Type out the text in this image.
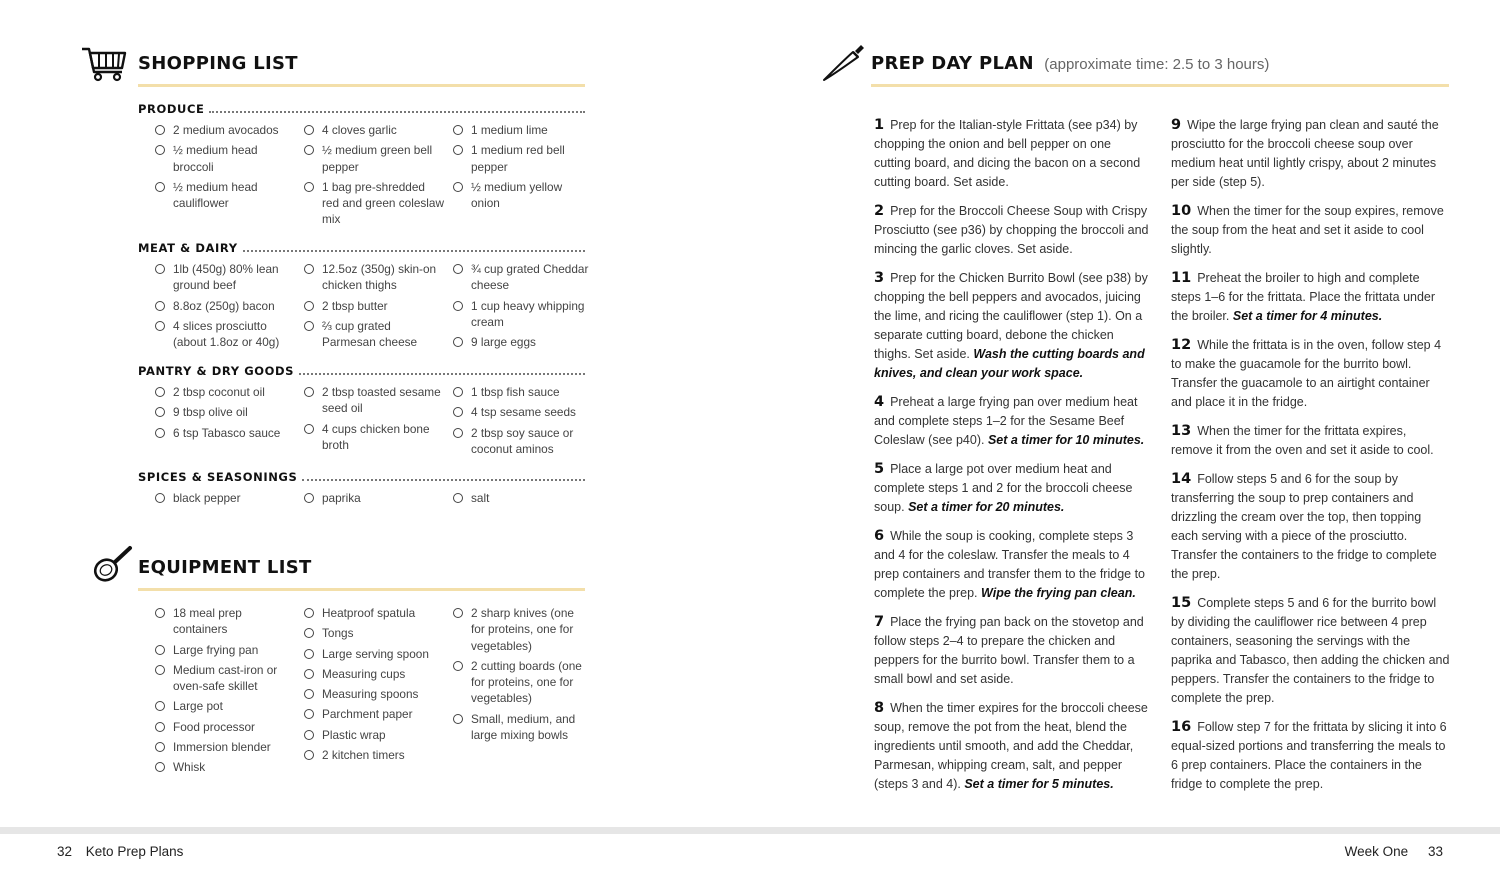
SHOPPING LIST
PRODUCE
2 medium avocados
½ medium head broccoli
½ medium head cauliflower
4 cloves garlic
½ medium green bell pepper
1 bag pre-shredded red and green coleslaw mix
1 medium lime
1 medium red bell pepper
½ medium yellow onion
MEAT & DAIRY
1lb (450g) 80% lean ground beef
8.8oz (250g) bacon
4 slices prosciutto (about 1.8oz or 40g)
12.5oz (350g) skin-on chicken thighs
2 tbsp butter
⅔ cup grated Parmesan cheese
¾ cup grated Cheddar cheese
1 cup heavy whipping cream
9 large eggs
PANTRY & DRY GOODS
2 tbsp coconut oil
9 tbsp olive oil
6 tsp Tabasco sauce
2 tbsp toasted sesame seed oil
4 cups chicken bone broth
1 tbsp fish sauce
4 tsp sesame seeds
2 tbsp soy sauce or coconut aminos
SPICES & SEASONINGS
black pepper	paprika	salt
EQUIPMENT LIST
18 meal prep containers
Large frying pan
Medium cast-iron or oven-safe skillet
Large pot
Food processor
Immersion blender
Whisk
Heatproof spatula
Tongs
Large serving spoon
Measuring cups
Measuring spoons
Parchment paper
Plastic wrap
2 kitchen timers
2 sharp knives (one for proteins, one for vegetables)
2 cutting boards (one for proteins, one for vegetables)
Small, medium, and large mixing bowls
PREP DAY PLAN (approximate time: 2.5 to 3 hours)

1 Prep for the Italian-style Frittata (see p34) by chopping the onion and bell pepper on one cutting board, and dicing the bacon on a second cutting board. Set aside.

2 Prep for the Broccoli Cheese Soup with Crispy Prosciutto (see p36) by chopping the broccoli and mincing the garlic cloves. Set aside.

3 Prep for the Chicken Burrito Bowl (see p38) by chopping the bell peppers and avocados, juicing the lime, and ricing the cauliflower (step 1). On a separate cutting board, debone the chicken thighs. Set aside. Wash the cutting boards and knives, and clean your work space.

4 Preheat a large frying pan over medium heat and complete steps 1–2 for the Sesame Beef Coleslaw (see p40). Set a timer for 10 minutes.

5 Place a large pot over medium heat and complete steps 1 and 2 for the broccoli cheese soup. Set a timer for 20 minutes.

6 While the soup is cooking, complete steps 3 and 4 for the coleslaw. Transfer the meals to 4 prep containers and transfer them to the fridge to complete the prep. Wipe the frying pan clean.

7 Place the frying pan back on the stovetop and follow steps 2–4 to prepare the chicken and peppers for the burrito bowl. Transfer them to a small bowl and set aside.

8 When the timer expires for the broccoli cheese soup, remove the pot from the heat, blend the ingredients until smooth, and add the Cheddar, Parmesan, whipping cream, salt, and pepper (steps 3 and 4). Set a timer for 5 minutes.

9 Wipe the large frying pan clean and sauté the prosciutto for the broccoli cheese soup over medium heat until lightly crispy, about 2 minutes per side (step 5).

10 When the timer for the soup expires, remove the soup from the heat and set it aside to cool slightly.

11 Preheat the broiler to high and complete steps 1–6 for the frittata. Place the frittata under the broiler. Set a timer for 4 minutes.

12 While the frittata is in the oven, follow step 4 to make the guacamole for the burrito bowl. Transfer the guacamole to an airtight container and place it in the fridge.

13 When the timer for the frittata expires, remove it from the oven and set it aside to cool.

14 Follow steps 5 and 6 for the soup by transferring the soup to prep containers and drizzling the cream over the top, then topping each serving with a piece of the prosciutto. Transfer the containers to the fridge to complete the prep.

15 Complete steps 5 and 6 for the burrito bowl by dividing the cauliflower rice between 4 prep containers, seasoning the servings with the paprika and Tabasco, then adding the chicken and peppers. Transfer the containers to the fridge to complete the prep.

16 Follow step 7 for the frittata by slicing it into 6 equal-sized portions and transferring the meals to 6 prep containers. Place the containers in the fridge to complete the prep.

32 Keto Prep Plans	Week One 33
